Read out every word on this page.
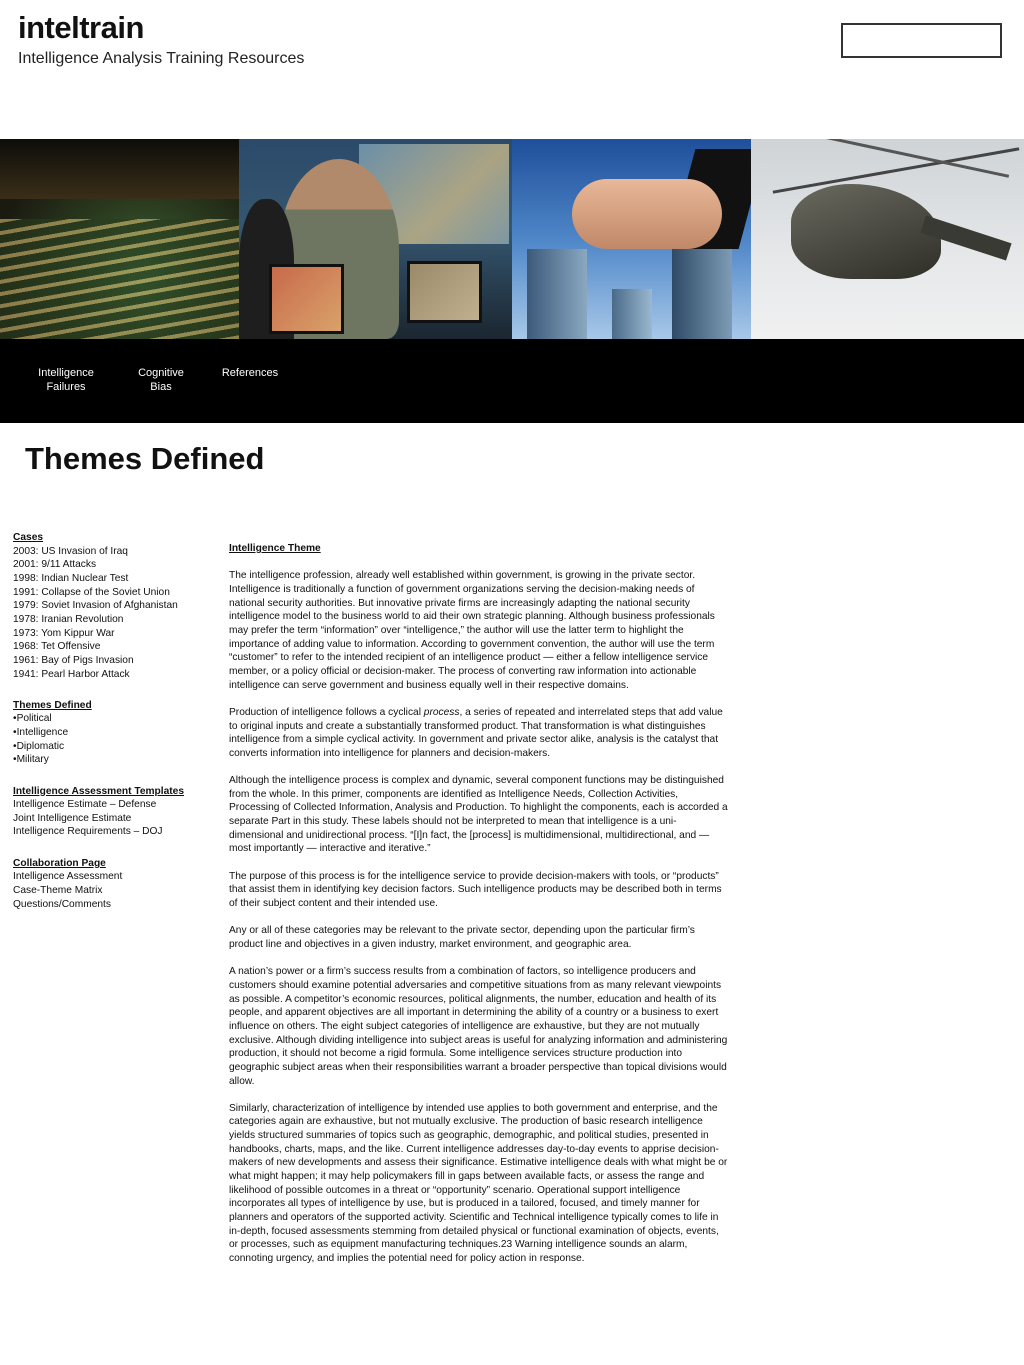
inteltrain
Intelligence Analysis Training Resources
Intelligence
Failures
Cognitive
Bias
References
Themes Defined
Cases
2003: US Invasion of Iraq
2001: 9/11 Attacks
1998: Indian Nuclear Test
1991: Collapse of the Soviet Union
1979: Soviet Invasion of Afghanistan
1978: Iranian Revolution
1973: Yom Kippur War
1968: Tet Offensive
1961: Bay of Pigs Invasion
1941: Pearl Harbor Attack
Themes Defined
•Political
•Intelligence
•Diplomatic
•Military
Intelligence Assessment Templates
Intelligence Estimate – Defense
Joint Intelligence Estimate
Intelligence Requirements – DOJ
Collaboration Page
Intelligence Assessment
Case-Theme Matrix
Questions/Comments
Intelligence Theme

The intelligence profession, already well established within government, is growing in the private sector. Intelligence is traditionally a function of government organizations serving the decision-making needs of national security authorities. But innovative private firms are increasingly adapting the national security intelligence model to the business world to aid their own strategic planning. Although business professionals may prefer the term “information” over “intelligence,” the author will use the latter term to highlight the importance of adding value to information. According to government convention, the author will use the term “customer” to refer to the intended recipient of an intelligence product — either a fellow intelligence service member, or a policy official or decision-maker. The process of converting raw information into actionable intelligence can serve government and business equally well in their respective domains.

Production of intelligence follows a cyclical process, a series of repeated and interrelated steps that add value to original inputs and create a substantially transformed product. That transformation is what distinguishes intelligence from a simple cyclical activity. In government and private sector alike, analysis is the catalyst that converts information into intelligence for planners and decision-makers.

Although the intelligence process is complex and dynamic, several component functions may be distinguished from the whole. In this primer, components are identified as Intelligence Needs, Collection Activities, Processing of Collected Information, Analysis and Production. To highlight the components, each is accorded a separate Part in this study. These labels should not be interpreted to mean that intelligence is a uni-dimensional and unidirectional process. “[I]n fact, the [process] is multidimensional, multidirectional, and — most importantly — interactive and iterative.”

The purpose of this process is for the intelligence service to provide decision-makers with tools, or “products” that assist them in identifying key decision factors. Such intelligence products may be described both in terms of their subject content and their intended use.

Any or all of these categories may be relevant to the private sector, depending upon the particular firm’s product line and objectives in a given industry, market environment, and geographic area.

A nation’s power or a firm’s success results from a combination of factors, so intelligence producers and customers should examine potential adversaries and competitive situations from as many relevant viewpoints as possible. A competitor’s economic resources, political alignments, the number, education and health of its people, and apparent objectives are all important in determining the ability of a country or a business to exert influence on others. The eight subject categories of intelligence are exhaustive, but they are not mutually exclusive. Although dividing intelligence into subject areas is useful for analyzing information and administering production, it should not become a rigid formula. Some intelligence services structure production into geographic subject areas when their responsibilities warrant a broader perspective than topical divisions would allow.

Similarly, characterization of intelligence by intended use applies to both government and enterprise, and the categories again are exhaustive, but not mutually exclusive. The production of basic research intelligence yields structured summaries of topics such as geographic, demographic, and political studies, presented in handbooks, charts, maps, and the like. Current intelligence addresses day-to-day events to apprise decision-makers of new developments and assess their significance. Estimative intelligence deals with what might be or what might happen; it may help policymakers fill in gaps between available facts, or assess the range and likelihood of possible outcomes in a threat or “opportunity” scenario. Operational support intelligence incorporates all types of intelligence by use, but is produced in a tailored, focused, and timely manner for planners and operators of the supported activity. Scientific and Technical intelligence typically comes to life in in-depth, focused assessments stemming from detailed physical or functional examination of objects, events, or processes, such as equipment manufacturing techniques.23 Warning intelligence sounds an alarm, connoting urgency, and implies the potential need for policy action in response.
